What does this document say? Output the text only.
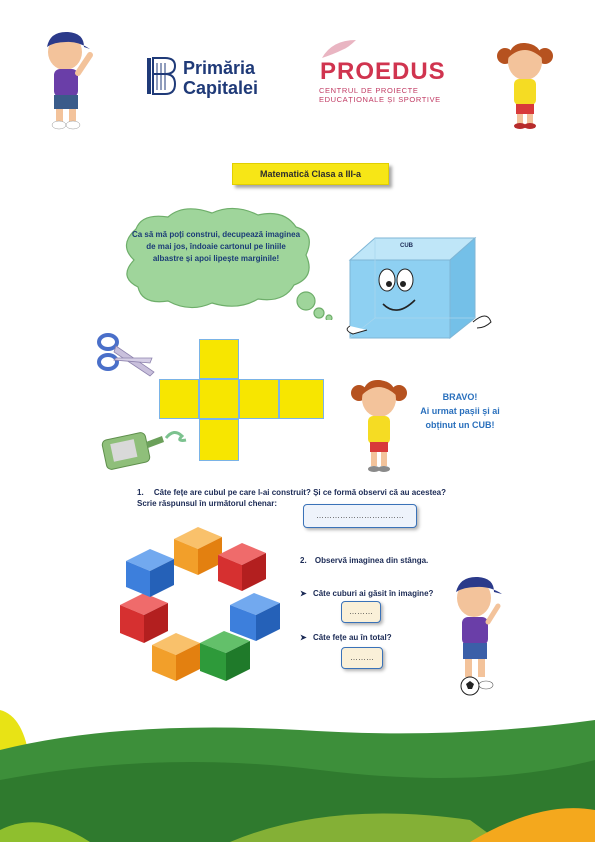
Primăria
Capitalei
PROEDUS
CENTRUL DE PROIECTE EDUCAȚIONALE ȘI SPORTIVE
Matematică Clasa a III-a
Ca să mă poți construi, decupează imaginea de mai jos, îndoaie cartonul pe liniile albastre și apoi lipește marginile!
CUB
BRAVO!
Ai urmat pașii și ai obținut un CUB!
1. Câte fețe are cubul pe care l-ai construit? Și ce formă observi că au acestea?
Scrie răspunsul în următorul chenar:
……………………………
2. Observă imaginea din stânga.
➤ Câte cuburi ai găsit în imagine?
………
➤ Câte fețe au în total?
………
